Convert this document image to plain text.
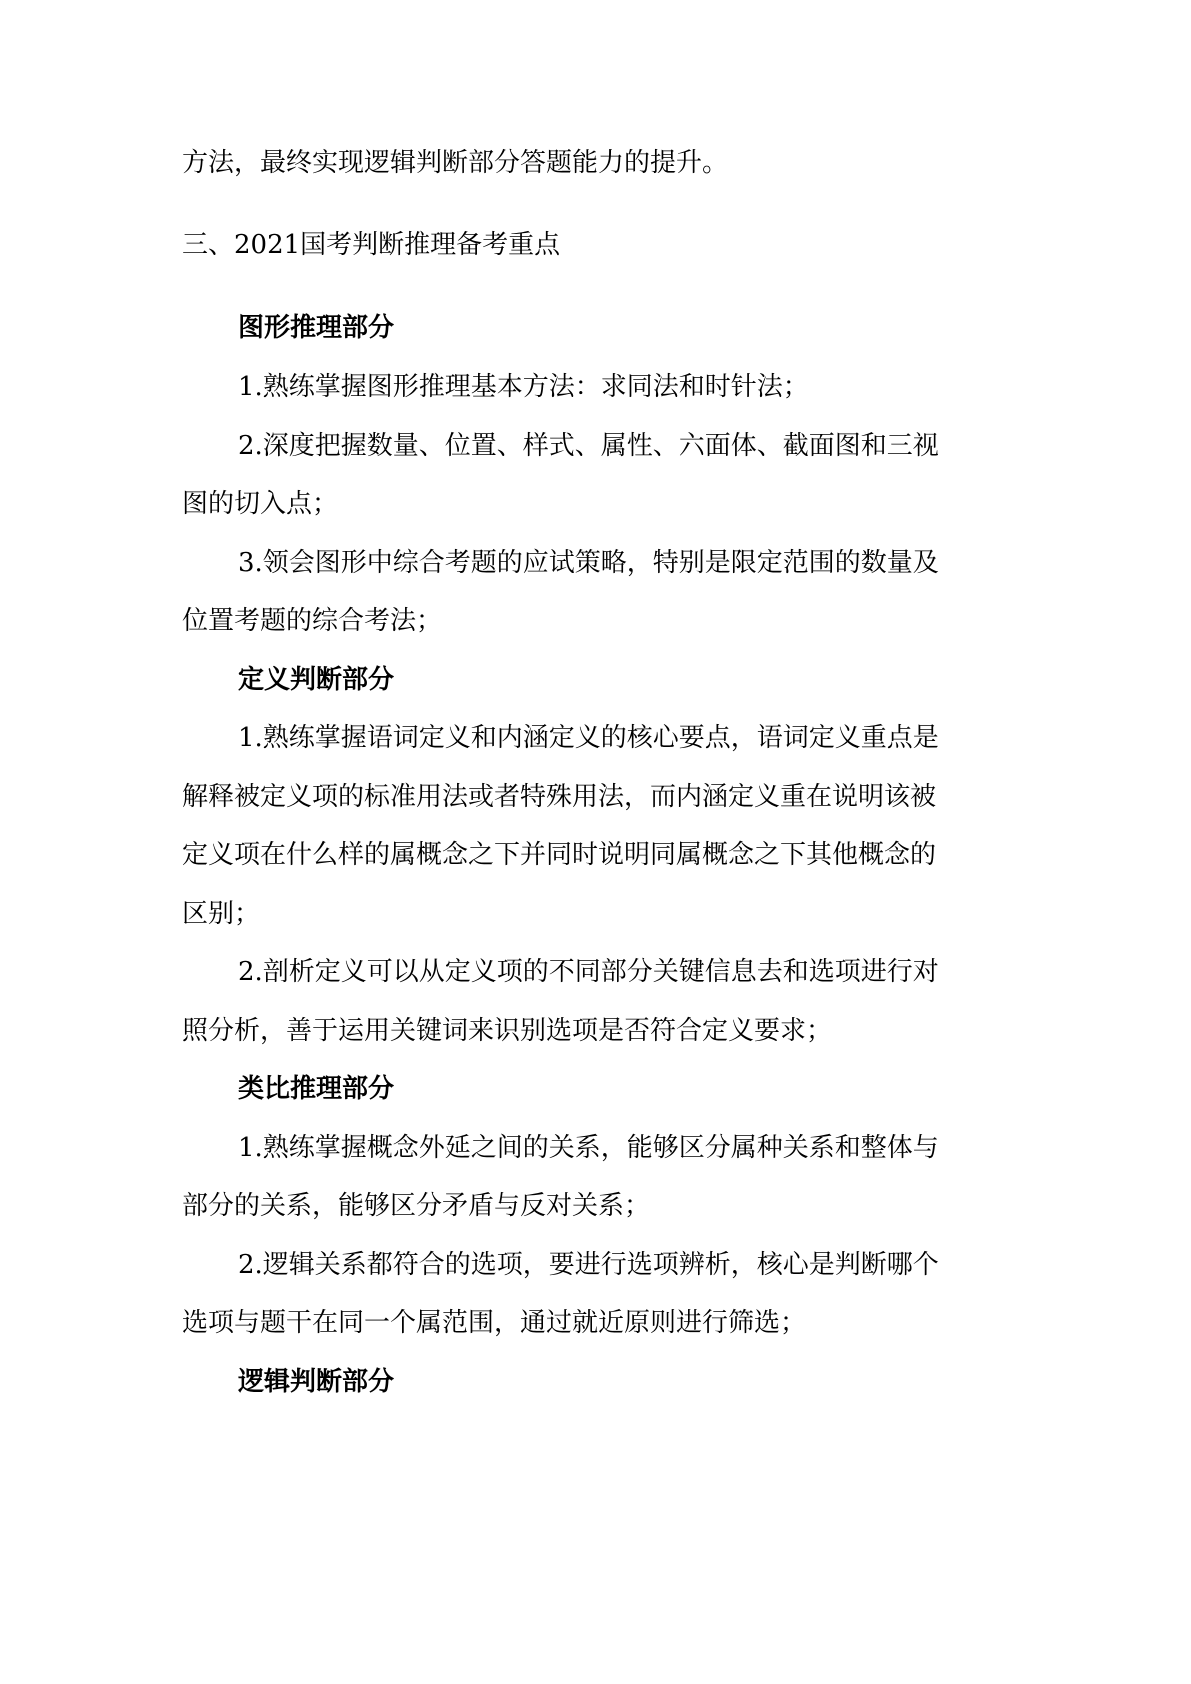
方法，最终实现逻辑判断部分答题能力的提升。
三、2021国考判断推理备考重点
图形推理部分
1.熟练掌握图形推理基本方法：求同法和时针法；
2.深度把握数量、位置、样式、属性、六面体、截面图和三视
图的切入点；
3.领会图形中综合考题的应试策略，特别是限定范围的数量及
位置考题的综合考法；
定义判断部分
1.熟练掌握语词定义和内涵定义的核心要点，语词定义重点是
解释被定义项的标准用法或者特殊用法，而内涵定义重在说明该被
定义项在什么样的属概念之下并同时说明同属概念之下其他概念的
区别；
2.剖析定义可以从定义项的不同部分关键信息去和选项进行对
照分析，善于运用关键词来识别选项是否符合定义要求；
类比推理部分
1.熟练掌握概念外延之间的关系，能够区分属种关系和整体与
部分的关系，能够区分矛盾与反对关系；
2.逻辑关系都符合的选项，要进行选项辨析，核心是判断哪个
选项与题干在同一个属范围，通过就近原则进行筛选；
逻辑判断部分
